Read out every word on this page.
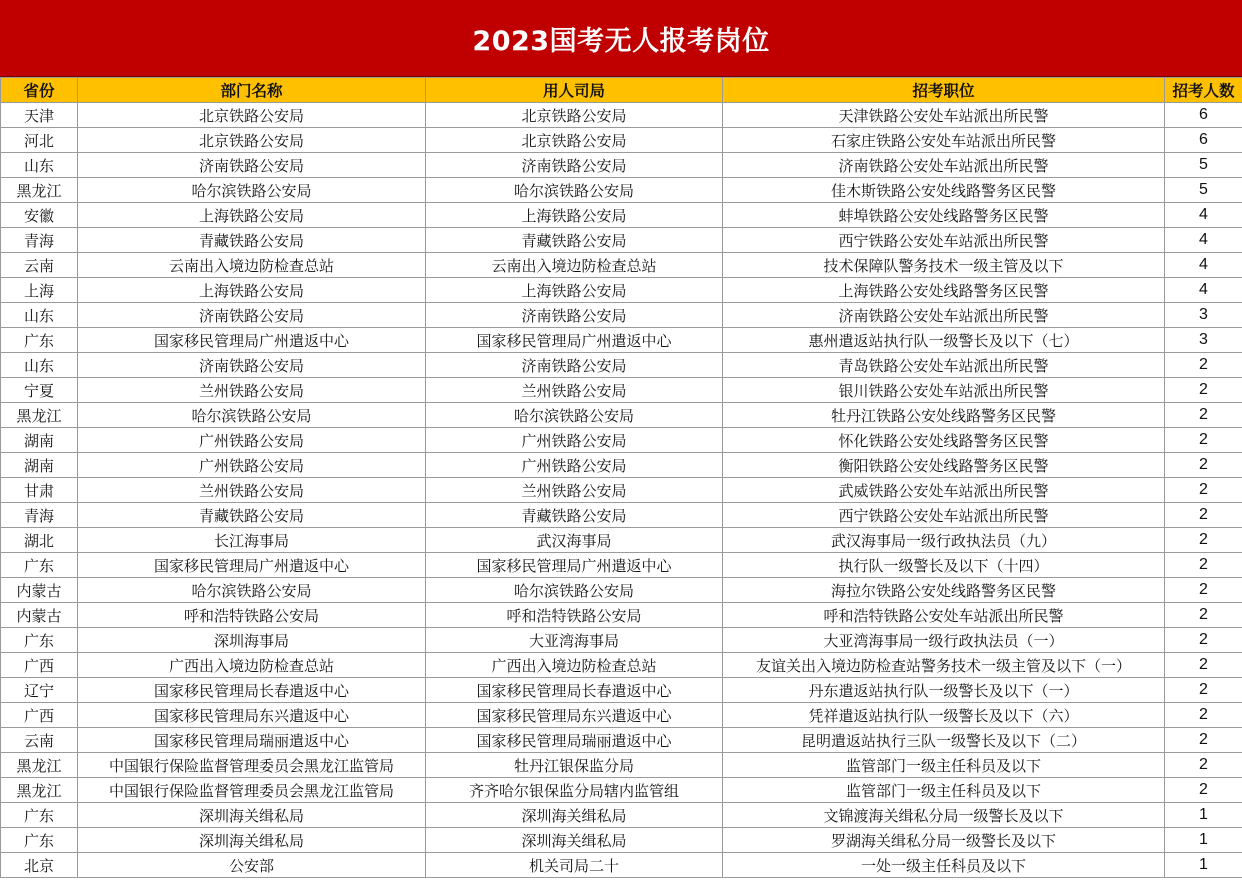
2023国考无人报考岗位
省份	部门名称	用人司局	招考职位	招考人数
天津	北京铁路公安局	北京铁路公安局	天津铁路公安处车站派出所民警	6
河北	北京铁路公安局	北京铁路公安局	石家庄铁路公安处车站派出所民警	6
山东	济南铁路公安局	济南铁路公安局	济南铁路公安处车站派出所民警	5
黑龙江	哈尔滨铁路公安局	哈尔滨铁路公安局	佳木斯铁路公安处线路警务区民警	5
安徽	上海铁路公安局	上海铁路公安局	蚌埠铁路公安处线路警务区民警	4
青海	青藏铁路公安局	青藏铁路公安局	西宁铁路公安处车站派出所民警	4
云南	云南出入境边防检查总站	云南出入境边防检查总站	技术保障队警务技术一级主管及以下	4
上海	上海铁路公安局	上海铁路公安局	上海铁路公安处线路警务区民警	4
山东	济南铁路公安局	济南铁路公安局	济南铁路公安处车站派出所民警	3
广东	国家移民管理局广州遣返中心	国家移民管理局广州遣返中心	惠州遣返站执行队一级警长及以下（七）	3
山东	济南铁路公安局	济南铁路公安局	青岛铁路公安处车站派出所民警	2
宁夏	兰州铁路公安局	兰州铁路公安局	银川铁路公安处车站派出所民警	2
黑龙江	哈尔滨铁路公安局	哈尔滨铁路公安局	牡丹江铁路公安处线路警务区民警	2
湖南	广州铁路公安局	广州铁路公安局	怀化铁路公安处线路警务区民警	2
湖南	广州铁路公安局	广州铁路公安局	衡阳铁路公安处线路警务区民警	2
甘肃	兰州铁路公安局	兰州铁路公安局	武威铁路公安处车站派出所民警	2
青海	青藏铁路公安局	青藏铁路公安局	西宁铁路公安处车站派出所民警	2
湖北	长江海事局	武汉海事局	武汉海事局一级行政执法员（九）	2
广东	国家移民管理局广州遣返中心	国家移民管理局广州遣返中心	执行队一级警长及以下（十四）	2
内蒙古	哈尔滨铁路公安局	哈尔滨铁路公安局	海拉尔铁路公安处线路警务区民警	2
内蒙古	呼和浩特铁路公安局	呼和浩特铁路公安局	呼和浩特铁路公安处车站派出所民警	2
广东	深圳海事局	大亚湾海事局	大亚湾海事局一级行政执法员（一）	2
广西	广西出入境边防检查总站	广西出入境边防检查总站	友谊关出入境边防检查站警务技术一级主管及以下（一）	2
辽宁	国家移民管理局长春遣返中心	国家移民管理局长春遣返中心	丹东遣返站执行队一级警长及以下（一）	2
广西	国家移民管理局东兴遣返中心	国家移民管理局东兴遣返中心	凭祥遣返站执行队一级警长及以下（六）	2
云南	国家移民管理局瑞丽遣返中心	国家移民管理局瑞丽遣返中心	昆明遣返站执行三队一级警长及以下（二）	2
黑龙江	中国银行保险监督管理委员会黑龙江监管局	牡丹江银保监分局	监管部门一级主任科员及以下	2
黑龙江	中国银行保险监督管理委员会黑龙江监管局	齐齐哈尔银保监分局辖内监管组	监管部门一级主任科员及以下	2
广东	深圳海关缉私局	深圳海关缉私局	文锦渡海关缉私分局一级警长及以下	1
广东	深圳海关缉私局	深圳海关缉私局	罗湖海关缉私分局一级警长及以下	1
北京	公安部	机关司局二十	一处一级主任科员及以下	1
